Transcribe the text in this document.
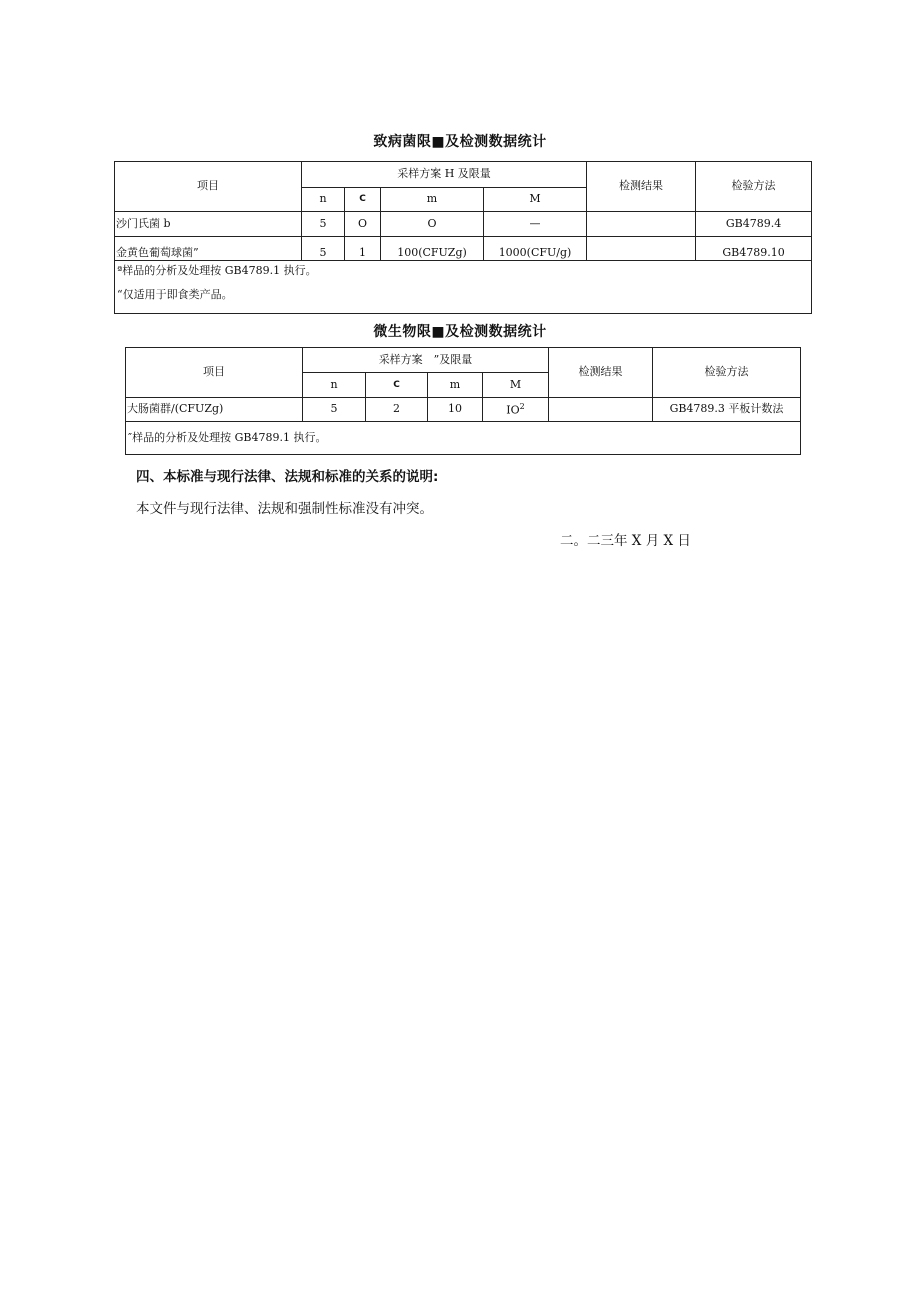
致病菌限■及检测数据统计
项目	采样方案 H 及限量				检测结果	检验方法
	n	C	m	M		
沙门氏菌 b	5	O	O	—		GB4789.4
金黄色葡萄球菌”	5	1	100(CFUZg)	1000(CFU/g)		GB4789.10

ª样品的分析及处理按 GB4789.1 执行。
“仅适用于即食类产品。						
微生物限■及检测数据统计
项目	采样方案　”及限量				检测结果	检验方法
	n	C	m	M		
大肠菌群/(CFUZg)	5	2	10	$IO^2$		GB4789.3 平板计数法
″样品的分析及处理按 GB4789.1 执行。						
四、本标准与现行法律、法规和标准的关系的说明:
本文件与现行法律、法规和强制性标准没有冲突。
二。二三年 X 月 X 日
